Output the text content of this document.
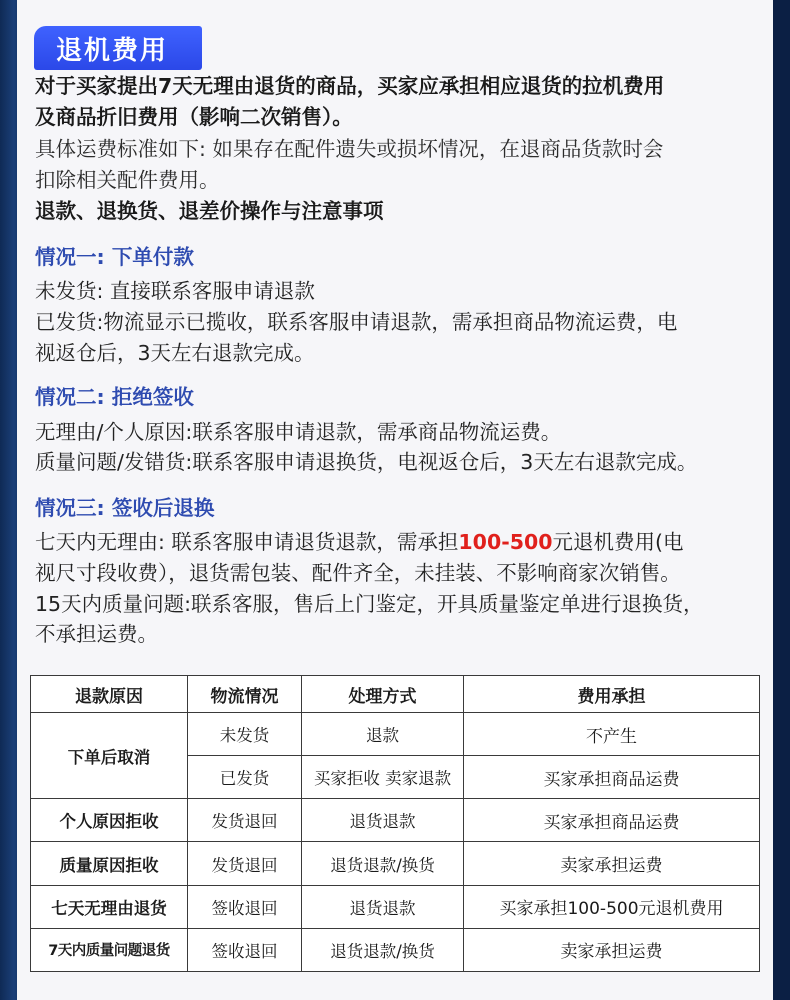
退机费用
对于买家提出7天无理由退货的商品，买家应承担相应退货的拉机费用
及商品折旧费用（影响二次销售）。
具体运费标准如下: 如果存在配件遗失或损坏情况，在退商品货款时会
扣除相关配件费用。
退款、退换货、退差价操作与注意事项
情况一: 下单付款
未发货: 直接联系客服申请退款
已发货:物流显示已揽收，联系客服申请退款，需承担商品物流运费，电
视返仓后，3天左右退款完成。
情况二: 拒绝签收
无理由/个人原因:联系客服申请退款，需承商品物流运费。
质量问题/发错货:联系客服申请退换货，电视返仓后，3天左右退款完成。
情况三: 签收后退换
七天内无理由: 联系客服申请退货退款，需承担100-500元退机费用(电
视尺寸段收费），退货需包装、配件齐全，未挂装、不影响商家次销售。
15天内质量问题:联系客服，售后上门鉴定，开具质量鉴定单进行退换货，
不承担运费。
退款原因	物流情况	处理方式	费用承担
下单后取消	未发货	退款	不产生
	已发货	买家拒收 卖家退款	买家承担商品运费
个人原因拒收	发货退回	退货退款	买家承担商品运费
质量原因拒收	发货退回	退货退款/换货	卖家承担运费
七天无理由退货	签收退回	退货退款	买家承担100-500元退机费用
7天内质量问题退货	签收退回	退货退款/换货	卖家承担运费
